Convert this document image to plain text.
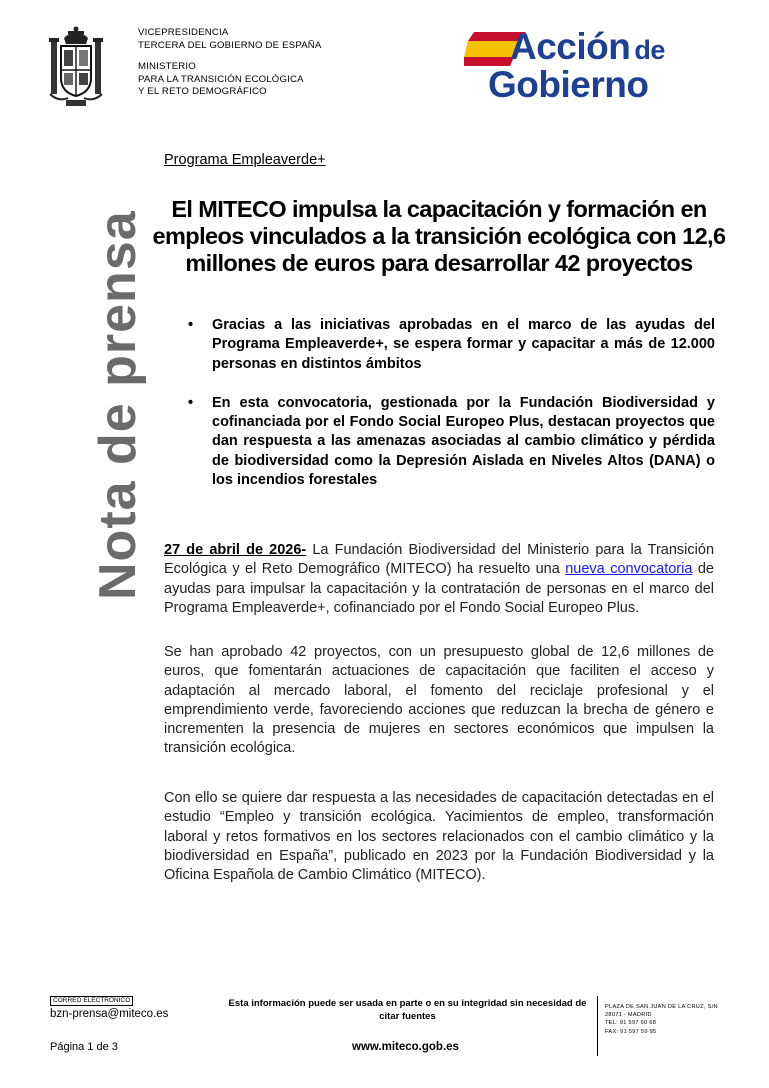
VICEPRESIDENCIA
TERCERA DEL GOBIERNO DE ESPAÑA
MINISTERIO
PARA LA TRANSICIÓN ECOLÓGICA
Y EL RETO DEMOGRÁFICO
Acción de
Gobierno
Nota de prensa
Programa Empleaverde+
El MITECO impulsa la capacitación y formación en empleos vinculados a la transición ecológica con 12,6 millones de euros para desarrollar 42 proyectos
• Gracias a las iniciativas aprobadas en el marco de las ayudas del Programa Empleaverde+, se espera formar y capacitar a más de 12.000 personas en distintos ámbitos
• En esta convocatoria, gestionada por la Fundación Biodiversidad y cofinanciada por el Fondo Social Europeo Plus, destacan proyectos que dan respuesta a las amenazas asociadas al cambio climático y pérdida de biodiversidad como la Depresión Aislada en Niveles Altos (DANA) o los incendios forestales
27 de abril de 2026- La Fundación Biodiversidad del Ministerio para la Transición Ecológica y el Reto Demográfico (MITECO) ha resuelto una nueva convocatoria de ayudas para impulsar la capacitación y la contratación de personas en el marco del Programa Empleaverde+, cofinanciado por el Fondo Social Europeo Plus.
Se han aprobado 42 proyectos, con un presupuesto global de 12,6 millones de euros, que fomentarán actuaciones de capacitación que faciliten el acceso y adaptación al mercado laboral, el fomento del reciclaje profesional y el emprendimiento verde, favoreciendo acciones que reduzcan la brecha de género e incrementen la presencia de mujeres en sectores económicos que impulsen la transición ecológica.
Con ello se quiere dar respuesta a las necesidades de capacitación detectadas en el estudio “Empleo y transición ecológica. Yacimientos de empleo, transformación laboral y retos formativos en los sectores relacionados con el cambio climático y la biodiversidad en España”, publicado en 2023 por la Fundación Biodiversidad y la Oficina Española de Cambio Climático (MITECO).
CORREO ELECTRÓNICO
bzn-prensa@miteco.es
Esta información puede ser usada en parte o en su integridad sin necesidad de citar fuentes
PLAZA DE SAN JUAN DE LA CRUZ, S/N
28071 - MADRID
TEL: 91 597 60 68
FAX: 91 597 59 95
Página 1 de 3	www.miteco.gob.es
